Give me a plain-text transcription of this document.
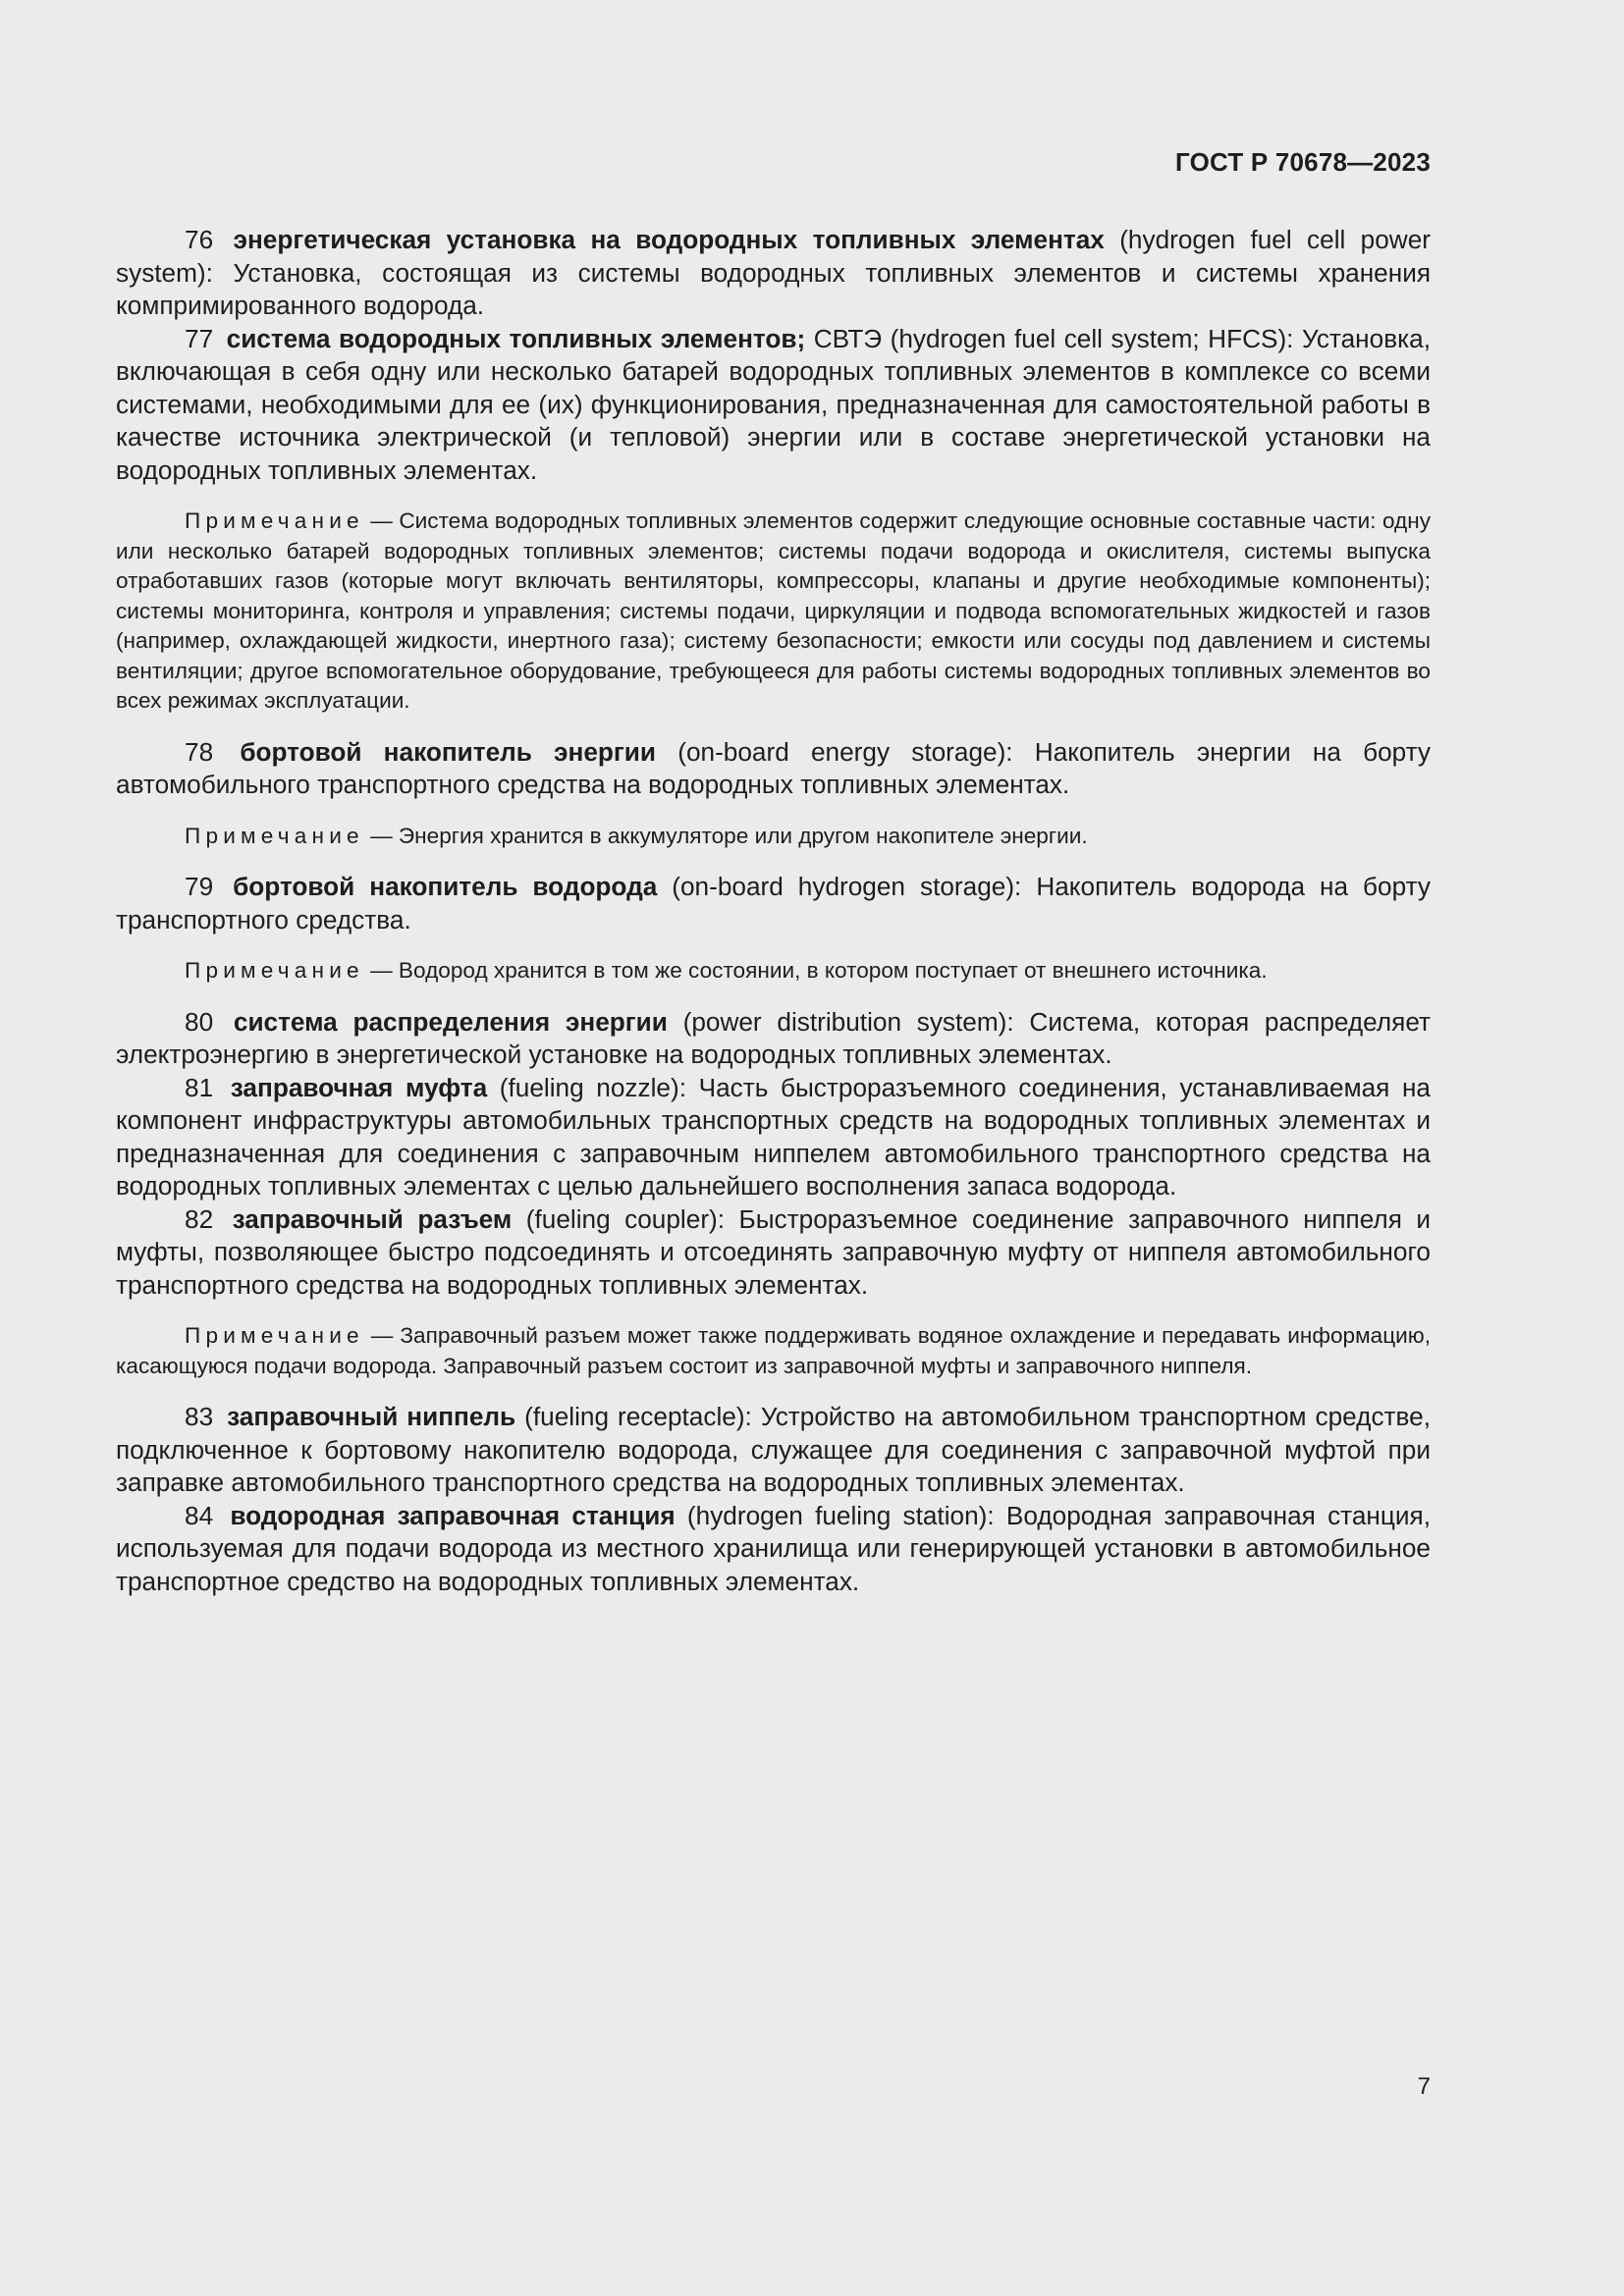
ГОСТ Р 70678—2023

76 энергетическая установка на водородных топливных элементах (hydrogen fuel cell power system): Установка, состоящая из системы водородных топливных элементов и системы хранения компримированного водорода.

77 система водородных топливных элементов; СВТЭ (hydrogen fuel cell system; HFCS): Установка, включающая в себя одну или несколько батарей водородных топливных элементов в комплексе со всеми системами, необходимыми для ее (их) функционирования, предназначенная для самостоятельной работы в качестве источника электрической (и тепловой) энергии или в составе энергетической установки на водородных топливных элементах.

Примечание — Система водородных топливных элементов содержит следующие основные составные части: одну или несколько батарей водородных топливных элементов; системы подачи водорода и окислителя, системы выпуска отработавших газов (которые могут включать вентиляторы, компрессоры, клапаны и другие необходимые компоненты); системы мониторинга, контроля и управления; системы подачи, циркуляции и подвода вспомогательных жидкостей и газов (например, охлаждающей жидкости, инертного газа); систему безопасности; емкости или сосуды под давлением и системы вентиляции; другое вспомогательное оборудование, требующееся для работы системы водородных топливных элементов во всех режимах эксплуатации.

78 бортовой накопитель энергии (on-board energy storage): Накопитель энергии на борту автомобильного транспортного средства на водородных топливных элементах.

Примечание — Энергия хранится в аккумуляторе или другом накопителе энергии.

79 бортовой накопитель водорода (on-board hydrogen storage): Накопитель водорода на борту транспортного средства.

Примечание — Водород хранится в том же состоянии, в котором поступает от внешнего источника.

80 система распределения энергии (power distribution system): Система, которая распределяет электроэнергию в энергетической установке на водородных топливных элементах.

81 заправочная муфта (fueling nozzle): Часть быстроразъемного соединения, устанавливаемая на компонент инфраструктуры автомобильных транспортных средств на водородных топливных элементах и предназначенная для соединения с заправочным ниппелем автомобильного транспортного средства на водородных топливных элементах с целью дальнейшего восполнения запаса водорода.

82 заправочный разъем (fueling coupler): Быстроразъемное соединение заправочного ниппеля и муфты, позволяющее быстро подсоединять и отсоединять заправочную муфту от ниппеля автомобильного транспортного средства на водородных топливных элементах.

Примечание — Заправочный разъем может также поддерживать водяное охлаждение и передавать информацию, касающуюся подачи водорода. Заправочный разъем состоит из заправочной муфты и заправочного ниппеля.

83 заправочный ниппель (fueling receptacle): Устройство на автомобильном транспортном средстве, подключенное к бортовому накопителю водорода, служащее для соединения с заправочной муфтой при заправке автомобильного транспортного средства на водородных топливных элементах.

84 водородная заправочная станция (hydrogen fueling station): Водородная заправочная станция, используемая для подачи водорода из местного хранилища или генерирующей установки в автомобильное транспортное средство на водородных топливных элементах.

7
